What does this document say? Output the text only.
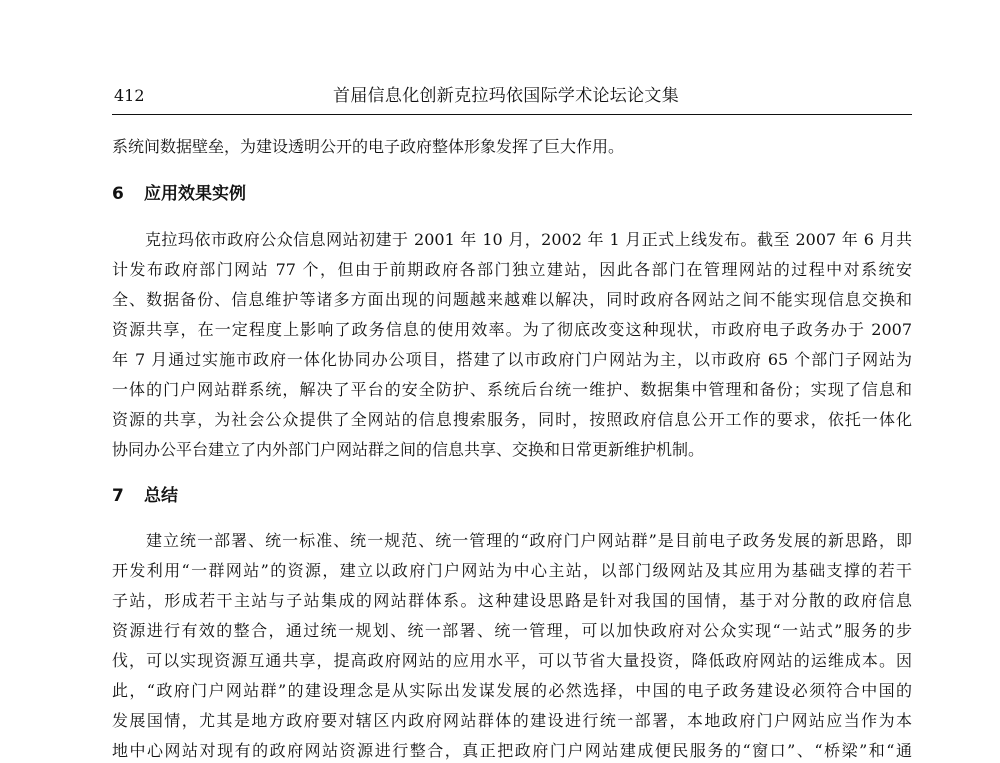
412	首届信息化创新克拉玛依国际学术论坛论文集
系统间数据壁垒，为建设透明公开的电子政府整体形象发挥了巨大作用。
6 应用效果实例
　　克拉玛依市政府公众信息网站初建于 2001 年 10 月，2002 年 1 月正式上线发布。截至 2007 年 6 月共
计发布政府部门网站 77 个，但由于前期政府各部门独立建站，因此各部门在管理网站的过程中对系统安
全、数据备份、信息维护等诸多方面出现的问题越来越难以解决，同时政府各网站之间不能实现信息交换和
资源共享，在一定程度上影响了政务信息的使用效率。为了彻底改变这种现状，市政府电子政务办于 2007
年 7 月通过实施市政府一体化协同办公项目，搭建了以市政府门户网站为主，以市政府 65 个部门子网站为
一体的门户网站群系统，解决了平台的安全防护、系统后台统一维护、数据集中管理和备份；实现了信息和
资源的共享，为社会公众提供了全网站的信息搜索服务，同时，按照政府信息公开工作的要求，依托一体化
协同办公平台建立了内外部门户网站群之间的信息共享、交换和日常更新维护机制。
7 总结
　　建立统一部署、统一标准、统一规范、统一管理的“政府门户网站群”是目前电子政务发展的新思路，即
开发利用“一群网站”的资源，建立以政府门户网站为中心主站，以部门级网站及其应用为基础支撑的若干
子站，形成若干主站与子站集成的网站群体系。这种建设思路是针对我国的国情，基于对分散的政府信息
资源进行有效的整合，通过统一规划、统一部署、统一管理，可以加快政府对公众实现“一站式”服务的步
伐，可以实现资源互通共享，提高政府网站的应用水平，可以节省大量投资，降低政府网站的运维成本。因
此，“政府门户网站群”的建设理念是从实际出发谋发展的必然选择，中国的电子政务建设必须符合中国的
发展国情，尤其是地方政府要对辖区内政府网站群体的建设进行统一部署，本地政府门户网站应当作为本
地中心网站对现有的政府网站资源进行整合，真正把政府门户网站建成便民服务的“窗口”、“桥梁”和“通
